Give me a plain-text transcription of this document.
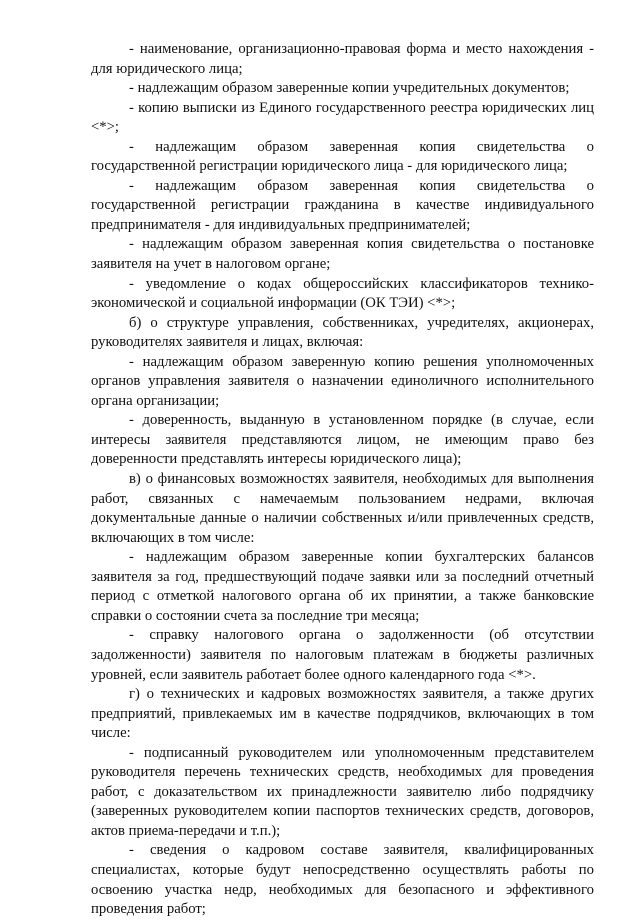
- наименование, организационно-правовая форма и место нахождения - для юридического лица;

- надлежащим образом заверенные копии учредительных документов;

- копию выписки из Единого государственного реестра юридических лиц <*>;

- надлежащим образом заверенная копия свидетельства о государственной регистрации юридического лица - для юридического лица;

- надлежащим образом заверенная копия свидетельства о государственной регистрации гражданина в качестве индивидуального предпринимателя - для индивидуальных предпринимателей;

- надлежащим образом заверенная копия свидетельства о постановке заявителя на учет в налоговом органе;

- уведомление о кодах общероссийских классификаторов технико-экономической и социальной информации (ОК ТЭИ) <*>;

б) о структуре управления, собственниках, учредителях, акционерах, руководителях заявителя и лицах, включая:

- надлежащим образом заверенную копию решения уполномоченных органов управления заявителя о назначении единоличного исполнительного органа организации;

- доверенность, выданную в установленном порядке (в случае, если интересы заявителя представляются лицом, не имеющим право без доверенности представлять интересы юридического лица);

в) о финансовых возможностях заявителя, необходимых для выполнения работ, связанных с намечаемым пользованием недрами, включая документальные данные о наличии собственных и/или привлеченных средств, включающих в том числе:

- надлежащим образом заверенные копии бухгалтерских балансов заявителя за год, предшествующий подаче заявки или за последний отчетный период с отметкой налогового органа об их принятии, а также банковские справки о состоянии счета за последние три месяца;

- справку налогового органа о задолженности (об отсутствии задолженности) заявителя по налоговым платежам в бюджеты различных уровней, если заявитель работает более одного календарного года <*>.

г) о технических и кадровых возможностях заявителя, а также других предприятий, привлекаемых им в качестве подрядчиков, включающих в том числе:

- подписанный руководителем или уполномоченным представителем руководителя перечень технических средств, необходимых для проведения работ, с доказательством их принадлежности заявителю либо подрядчику (заверенных руководителем копии паспортов технических средств, договоров, актов приема-передачи и т.п.);

- сведения о кадровом составе заявителя, квалифицированных специалистах, которые будут непосредственно осуществлять работы по освоению участка недр, необходимых для безопасного и эффективного проведения работ;
